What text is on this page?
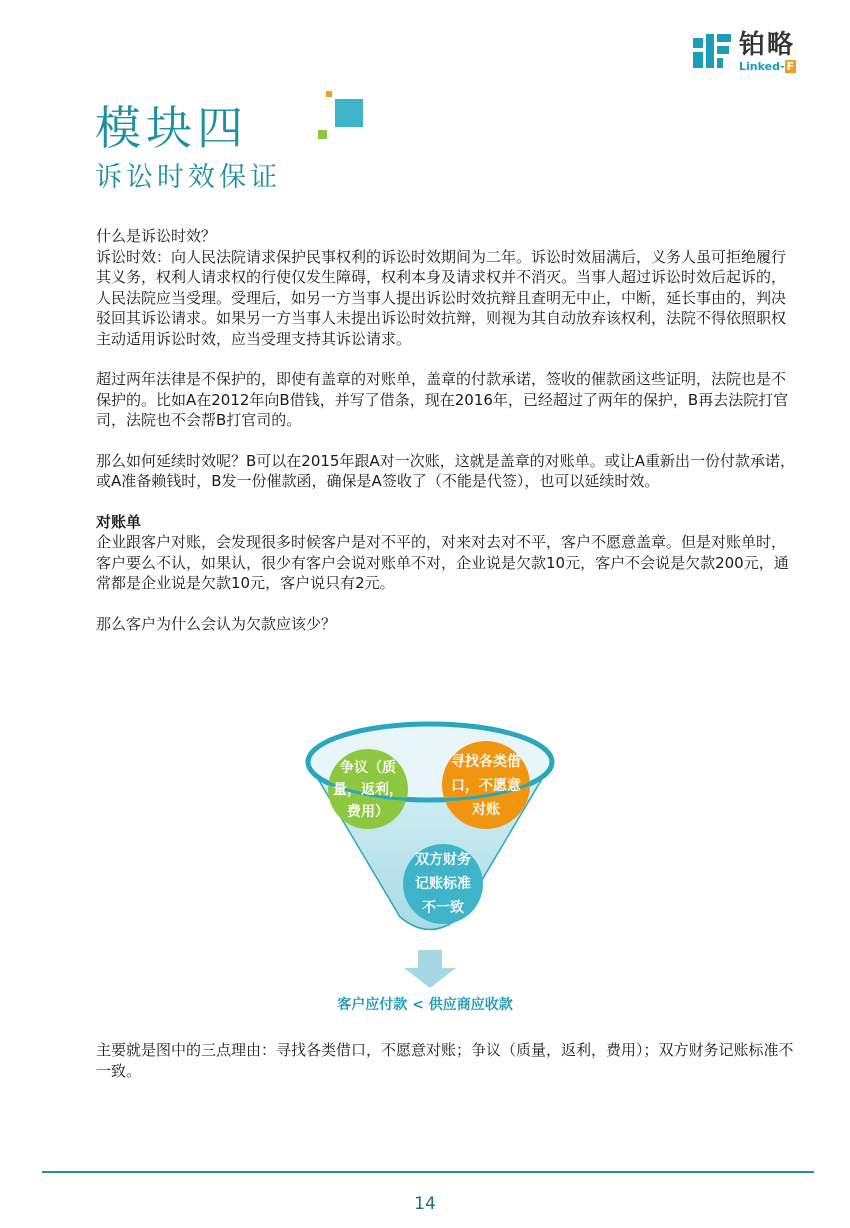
铂略
Linked- F
模块四
诉讼时效保证

什么是诉讼时效？

诉讼时效：向人民法院请求保护民事权利的诉讼时效期间为二年。诉讼时效届满后，义务人虽可拒绝履行其义务，权利人请求权的行使仅发生障碍，权利本身及请求权并不消灭。当事人超过诉讼时效后起诉的，人民法院应当受理。受理后，如另一方当事人提出诉讼时效抗辩且查明无中止，中断，延长事由的，判决驳回其诉讼请求。如果另一方当事人未提出诉讼时效抗辩，则视为其自动放弃该权利，法院不得依照职权主动适用诉讼时效，应当受理支持其诉讼请求。

超过两年法律是不保护的，即使有盖章的对账单，盖章的付款承诺，签收的催款函这些证明，法院也是不保护的。比如A在2012年向B借钱，并写了借条，现在2016年，已经超过了两年的保护，B再去法院打官司，法院也不会帮B打官司的。

那么如何延续时效呢？B可以在2015年跟A对一次账，这就是盖章的对账单。或让A重新出一份付款承诺，或A准备赖钱时，B发一份催款函，确保是A签收了（不能是代签），也可以延续时效。

对账单

企业跟客户对账，会发现很多时候客户是对不平的，对来对去对不平，客户不愿意盖章。但是对账单时，客户要么不认，如果认，很少有客户会说对账单不对，企业说是欠款10元，客户不会说是欠款200元，通常都是企业说是欠款10元，客户说只有2元。

那么客户为什么会认为欠款应该少？

争议（质
量，返利，
费用）
寻找各类借
口，不愿意
对账
双方财务
记账标准
不一致
客户应付款 < 供应商应收款

主要就是图中的三点理由：寻找各类借口，不愿意对账；争议（质量，返利，费用）；双方财务记账标准不一致。

14
